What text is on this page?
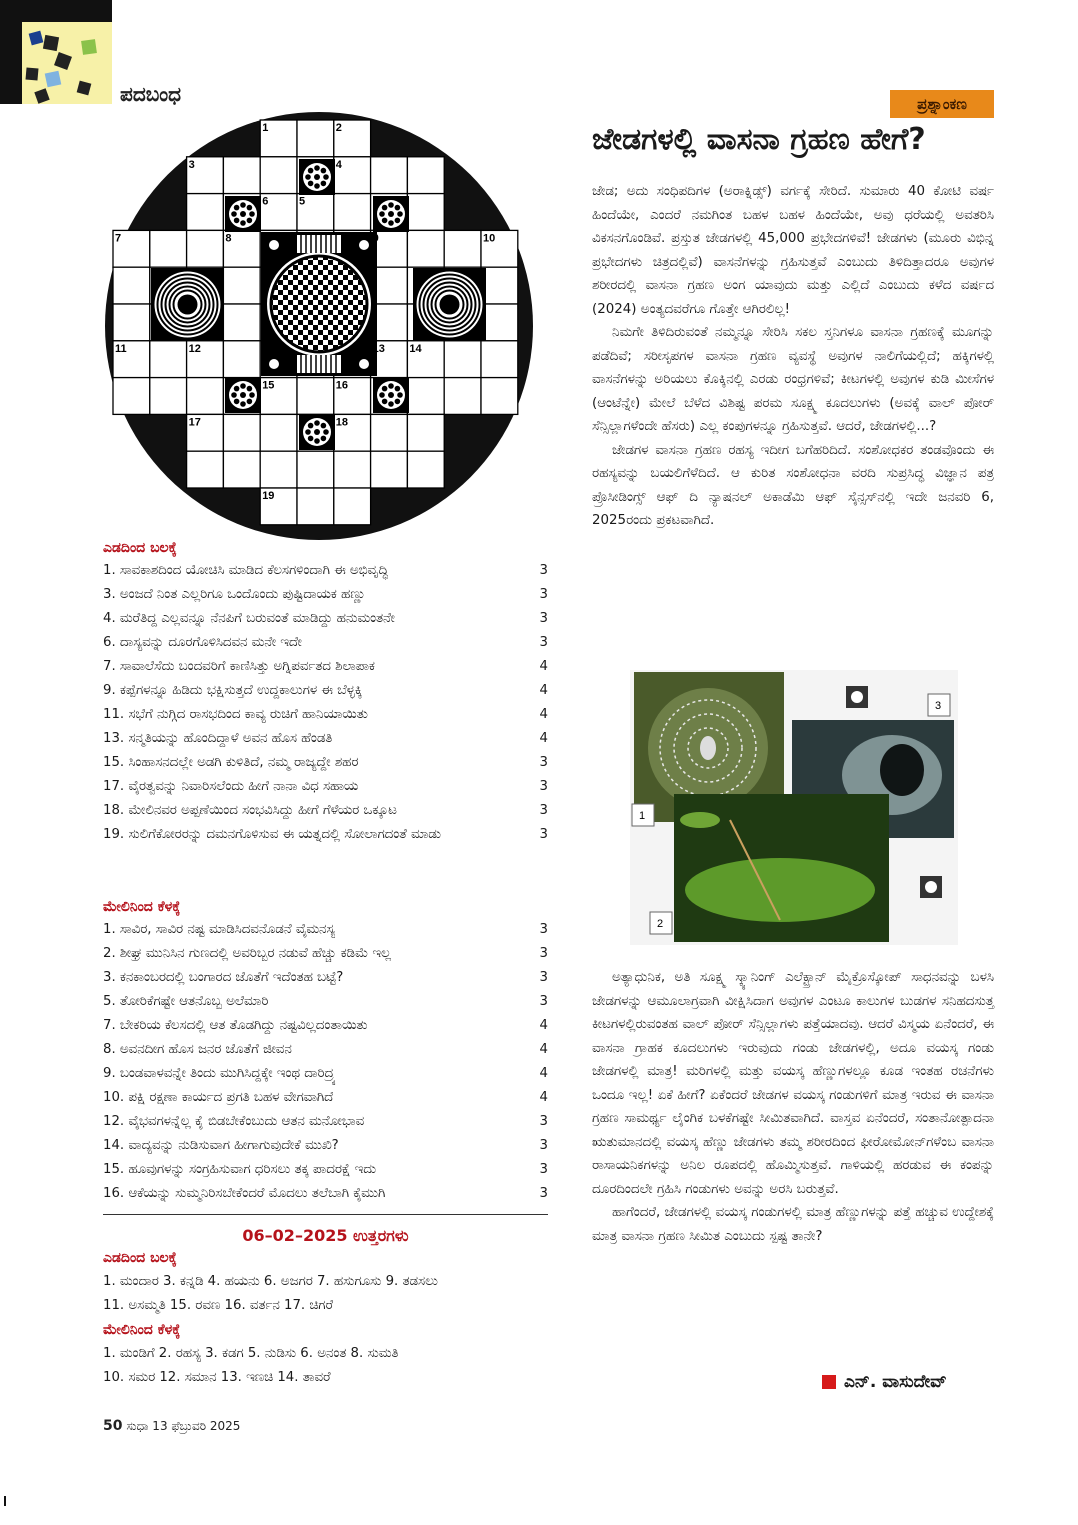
ಪದಬಂಧ
1	2
3	4
5
6
7	8	9	10
11	12	13 14
15	16
17	18
19
ಎಡದಿಂದ ಬಲಕ್ಕೆ
1. ಸಾವಕಾಶದಿಂದ ಯೋಚಿಸಿ ಮಾಡಿದ ಕೆಲಸಗಳಿಂದಾಗಿ ಈ ಅಭಿವೃದ್ಧಿ	3
3. ಅಂಜದೆ ನಿಂತ ಎಲ್ಲರಿಗೂ ಒಂದೊಂದು ಪುಷ್ಟಿದಾಯಕ ಹಣ್ಣು	3
4. ಮರೆತಿದ್ದ ಎಲ್ಲವನ್ನೂ ನೆನಪಿಗೆ ಬರುವಂತೆ ಮಾಡಿದ್ದು ಹನುಮಂತನೇ	3
6. ದಾಸ್ಯವನ್ನು ದೂರಗೊಳಿಸಿದವನ ಮನೇ ಇದೇ	3
7. ಸಾವಾಲೆಸೆದು ಬಂದವರಿಗೆ ಕಾಣಿಸಿತ್ತು ಅಗ್ನಿಪರ್ವತದ ಶಿಲಾಪಾಕ	4
9. ಕಪ್ಪೆಗಳನ್ನೂ ಹಿಡಿದು ಭಕ್ಷಿಸುತ್ತದೆ ಉದ್ದಕಾಲುಗಳ ಈ ಬೆಳ್ಳಕ್ಕಿ	4
11. ಸಭೆಗೆ ನುಗ್ಗಿದ ರಾಸಭದಿಂದ ಕಾವ್ಯ ರುಚಿಗೆ ಹಾನಿಯಾಯಿತು	4
13. ಸನ್ಮತಿಯನ್ನು ಹೊಂದಿದ್ದಾಳೆ ಅವನ ಹೊಸ ಹೆಂಡತಿ	4
15. ಸಿಂಹಾಸನದಲ್ಲೇ ಅಡಗಿ ಕುಳಿತಿದೆ, ನಮ್ಮ ರಾಜ್ಯದ್ದೇ ಶಹರ	3
17. ವೈರತ್ವವನ್ನು ನಿವಾರಿಸಲೆಂದು ಹೀಗೆ ನಾನಾ ವಿಧ ಸಹಾಯ	3
18. ಮೇಲಿನವರ ಅಪ್ಪಣೆಯಿಂದ ಸಂಭವಿಸಿದ್ದು ಹೀಗೆ ಗೆಳೆಯರ ಒಕ್ಕೂಟ	3
19. ಸುಲಿಗೆಕೋರರನ್ನು ದಮನಗೊಳಿಸುವ ಈ ಯತ್ನದಲ್ಲಿ ಸೋಲಾಗದಂತೆ ಮಾಡು	3
ಮೇಲಿನಿಂದ ಕೆಳಕ್ಕೆ
1. ಸಾವಿರ, ಸಾವಿರ ನಷ್ಟ ಮಾಡಿಸಿದವನೊಡನೆ ವೈಮನಸ್ಯ	3
2. ಶೀಘ್ರ ಮುನಿಸಿನ ಗುಣದಲ್ಲಿ ಅವರಿಬ್ಬರ ನಡುವೆ ಹೆಚ್ಚು ಕಡಿಮೆ ಇಲ್ಲ	3
3. ಕನಕಾಂಬರದಲ್ಲಿ ಬಂಗಾರದ ಜೊತೆಗೆ ಇದೆಂತಹ ಬಟ್ಟೆ?	3
5. ತೋರಿಕೆಗಷ್ಟೇ ಆತನೊಬ್ಬ ಅಲೆಮಾರಿ	3
7. ಬೇಕರಿಯ ಕೆಲಸದಲ್ಲಿ ಆತ ತೊಡಗಿದ್ದು ನಷ್ಟವಿಲ್ಲದಂತಾಯಿತು	4
8. ಅವನದೀಗ ಹೊಸ ಜನರ ಜೊತೆಗೆ ಜೀವನ	4
9. ಬಂಡವಾಳವನ್ನೇ ತಿಂದು ಮುಗಿಸಿದ್ದಕ್ಕೇ ಇಂಥ ದಾರಿದ್ರ್ಯ	4
10. ಪಕ್ಷಿ ರಕ್ಷಣಾ ಕಾರ್ಯದ ಪ್ರಗತಿ ಬಹಳ ವೇಗವಾಗಿದೆ	4
12. ವೈಭವಗಳನ್ನೆಲ್ಲ ಕೈ ಬಿಡಬೇಕೆಂಬುದು ಆತನ ಮನೋಭಾವ	3
14. ವಾದ್ಯವನ್ನು ನುಡಿಸುವಾಗ ಹೀಗಾಗುವುದೇಕೆ ಮುಖಿ?	3
15. ಹೂವುಗಳನ್ನು ಸಂಗ್ರಹಿಸುವಾಗ ಧರಿಸಲು ತಕ್ಕ ಪಾದರಕ್ಷೆ ಇದು	3
16. ಆಕೆಯನ್ನು ಸುಮ್ಮನಿರಿಸಬೇಕೆಂದರೆ ಮೊದಲು ತಲೆಬಾಗಿ ಕೈಮುಗಿ	3
06–02–2025 ಉತ್ತರಗಳು
ಎಡದಿಂದ ಬಲಕ್ಕೆ
1. ಮಂದಾರ 3. ಕನ್ನಡಿ 4. ಹಯನು 6. ಅಜಗರ 7. ಹಸುಗೂಸು 9. ತಡಸಲು
11. ಅಸಮ್ಮತಿ 15. ರವಣ 16. ವರ್ತನ 17. ಚಿಗರೆ
ಮೇಲಿನಿಂದ ಕೆಳಕ್ಕೆ
1. ಮಂಡಿಗೆ 2. ರಹಸ್ಯ 3. ಕಡಗ 5. ನುಡಿಸು 6. ಅನಂತ 8. ಸುಮತಿ
10. ಸಮರ 12. ಸಮಾನ 13. ಇಣಚಿ 14. ತಾವರೆ
50 ಸುಧಾ 13 ಫೆಬ್ರುವರಿ 2025
ಪ್ರಶ್ನಾಂಕಣ
ಜೇಡಗಳಲ್ಲಿ ವಾಸನಾ ಗ್ರಹಣ ಹೇಗೆ?

ಜೇಡ; ಅದು ಸಂಧಿಪದಿಗಳ (ಅರಾಕ್ನಿಡ್ಸ್) ವರ್ಗಕ್ಕೆ ಸೇರಿದೆ. ಸುಮಾರು 40 ಕೋಟಿ ವರ್ಷ ಹಿಂದೆಯೇ, ಎಂದರೆ ನಮಗಿಂತ ಬಹಳ ಬಹಳ ಹಿಂದೆಯೇ, ಅವು ಧರೆಯಲ್ಲಿ ಅವತರಿಸಿ ವಿಕಸನಗೊಂಡಿವೆ. ಪ್ರಸ್ತುತ ಜೇಡಗಳಲ್ಲಿ 45,000 ಪ್ರಭೇದಗಳಿವೆ! ಜೇಡಗಳು (ಮೂರು ವಿಭಿನ್ನ ಪ್ರಭೇದಗಳು ಚಿತ್ರದಲ್ಲಿವೆ) ವಾಸನೆಗಳನ್ನು ಗ್ರಹಿಸುತ್ತವೆ ಎಂಬುದು ತಿಳಿದಿತ್ತಾದರೂ ಅವುಗಳ ಶರೀರದಲ್ಲಿ ವಾಸನಾ ಗ್ರಹಣ ಅಂಗ ಯಾವುದು ಮತ್ತು ಎಲ್ಲಿದೆ ಎಂಬುದು ಕಳೆದ ವರ್ಷದ (2024) ಅಂತ್ಯದವರೆಗೂ ಗೊತ್ತೇ ಆಗಿರಲಿಲ್ಲ!

ನಿಮಗೇ ತಿಳಿದಿರುವಂತೆ ನಮ್ಮನ್ನೂ ಸೇರಿಸಿ ಸಕಲ ಸ್ತನಿಗಳೂ ವಾಸನಾ ಗ್ರಹಣಕ್ಕೆ ಮೂಗನ್ನು ಪಡೆದಿವೆ; ಸರೀಸೃಪಗಳ ವಾಸನಾ ಗ್ರಹಣ ವ್ಯವಸ್ಥೆ ಅವುಗಳ ನಾಲಿಗೆಯಲ್ಲಿದೆ; ಹಕ್ಕಿಗಳಲ್ಲಿ ವಾಸನೆಗಳನ್ನು ಅರಿಯಲು ಕೊಕ್ಕಿನಲ್ಲಿ ಎರಡು ರಂಧ್ರಗಳಿವೆ; ಕೀಟಗಳಲ್ಲಿ ಅವುಗಳ ಕುಡಿ ಮೀಸೆಗಳ (ಆಂಟೆನ್ನೇ) ಮೇಲೆ ಬೆಳೆದ ವಿಶಿಷ್ಟ ಪರಮ ಸೂಕ್ಷ್ಮ ಕೂದಲುಗಳು (ಅವಕ್ಕೆ ವಾಲ್ ಪೋರ್ ಸೆನ್ಸಿಲ್ಲಾಗಳೆಂದೇ ಹೆಸರು) ಎಲ್ಲ ಕಂಪುಗಳನ್ನೂ ಗ್ರಹಿಸುತ್ತವೆ. ಆದರೆ, ಜೇಡಗಳಲ್ಲಿ...?

ಜೇಡಗಳ ವಾಸನಾ ಗ್ರಹಣ ರಹಸ್ಯ ಇದೀಗ ಬಗೆಹರಿದಿದೆ. ಸಂಶೋಧಕರ ತಂಡವೊಂದು ಈ ರಹಸ್ಯವನ್ನು ಬಯಲಿಗೆಳೆದಿದೆ. ಆ ಕುರಿತ ಸಂಶೋಧನಾ ವರದಿ ಸುಪ್ರಸಿದ್ಧ ವಿಜ್ಞಾನ ಪತ್ರ ಪ್ರೊಸೀಡಿಂಗ್ಸ್ ಆಫ್ ದಿ ನ್ಯಾಷನಲ್ ಅಕಾಡೆಮಿ ಆಫ್ ಸೈನ್ಸಸ್‌ನಲ್ಲಿ ಇದೇ ಜನವರಿ 6, 2025ರಂದು ಪ್ರಕಟವಾಗಿದೆ.

1
2
3

ಅತ್ಯಾಧುನಿಕ, ಅತಿ ಸೂಕ್ಷ್ಮ ಸ್ಕ್ಯಾನಿಂಗ್ ಎಲೆಕ್ಟ್ರಾನ್ ಮೈಕ್ರೊಸ್ಕೋಪ್ ಸಾಧನವನ್ನು ಬಳಸಿ ಜೇಡಗಳನ್ನು ಆಮೂಲಾಗ್ರವಾಗಿ ವೀಕ್ಷಿಸಿದಾಗ ಅವುಗಳ ಎಂಟೂ ಕಾಲುಗಳ ಬುಡಗಳ ಸನಿಹದಸುತ್ತ ಕೀಟಗಳಲ್ಲಿರುವಂತಹ ವಾಲ್ ಪೋರ್ ಸೆನ್ಸಿಲ್ಲಾಗಳು ಪತ್ತೆಯಾದವು. ಆದರೆ ವಿಸ್ಮಯ ಏನೆಂದರೆ, ಈ ವಾಸನಾ ಗ್ರಾಹಕ ಕೂದಲುಗಳು ಇರುವುದು ಗಂಡು ಜೇಡಗಳಲ್ಲಿ, ಅದೂ ವಯಸ್ಕ ಗಂಡು ಜೇಡಗಳಲ್ಲಿ ಮಾತ್ರ! ಮರಿಗಳಲ್ಲಿ ಮತ್ತು ವಯಸ್ಕ ಹೆಣ್ಣುಗಳಲ್ಲೂ ಕೂಡ ಇಂತಹ ರಚನೆಗಳು ಒಂದೂ ಇಲ್ಲ! ಏಕೆ ಹೀಗೆ? ಏಕೆಂದರೆ ಜೇಡಗಳ ವಯಸ್ಕ ಗಂಡುಗಳಿಗೆ ಮಾತ್ರ ಇರುವ ಈ ವಾಸನಾ ಗ್ರಹಣ ಸಾಮರ್ಥ್ಯ ಲೈಂಗಿಕ ಬಳಕೆಗಷ್ಟೇ ಸೀಮಿತವಾಗಿದೆ. ವಾಸ್ತವ ಏನೆಂದರೆ, ಸಂತಾನೋತ್ಪಾದನಾ ಋತುಮಾನದಲ್ಲಿ ವಯಸ್ಕ ಹೆಣ್ಣು ಜೇಡಗಳು ತಮ್ಮ ಶರೀರದಿಂದ ಫೀರೋಮೋನ್‌ಗಳೆಂಬ ವಾಸನಾ ರಾಸಾಯನಿಕಗಳನ್ನು ಅನಿಲ ರೂಪದಲ್ಲಿ ಹೊಮ್ಮಿಸುತ್ತವೆ. ಗಾಳಿಯಲ್ಲಿ ಹರಡುವ ಈ ಕಂಪನ್ನು ದೂರದಿಂದಲೇ ಗ್ರಹಿಸಿ ಗಂಡುಗಳು ಅವನ್ನು ಅರಸಿ ಬರುತ್ತವೆ.

ಹಾಗೆಂದರೆ, ಜೇಡಗಳಲ್ಲಿ ವಯಸ್ಕ ಗಂಡುಗಳಲ್ಲಿ ಮಾತ್ರ ಹೆಣ್ಣುಗಳನ್ನು ಪತ್ತೆ ಹಚ್ಚುವ ಉದ್ದೇಶಕ್ಕೆ ಮಾತ್ರ ವಾಸನಾ ಗ್ರಹಣ ಸೀಮಿತ ಎಂಬುದು ಸ್ಪಷ್ಟ ತಾನೇ?

ಎನ್. ವಾಸುದೇವ್
